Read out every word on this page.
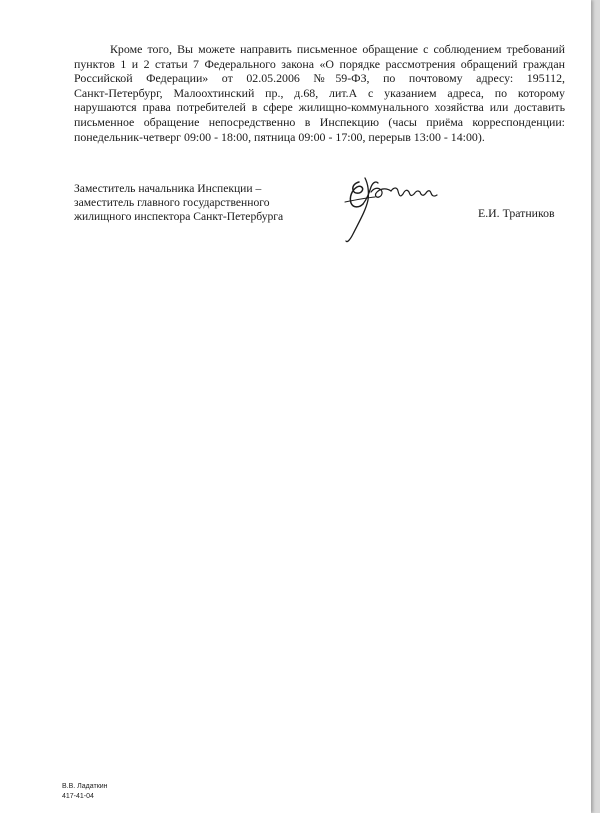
Кроме того, Вы можете направить письменное обращение с соблюдением требований
пунктов 1 и 2 статьи 7 Федерального закона «О порядке рассмотрения обращений граждан
Российской Федерации» от 02.05.2006 №59-ФЗ, по почтовому адресу: 195112,
Санкт-Петербург, Малоохтинский пр., д.68, лит.А с указанием адреса, по которому
нарушаются права потребителей в сфере жилищно-коммунального хозяйства или доставить
письменное обращение непосредственно в Инспекцию (часы приёма корреспонденции:
понедельник-четверг 09:00 - 18:00, пятница 09:00 - 17:00, перерыв 13:00 - 14:00).

Заместитель начальника Инспекции –
заместитель главного государственного
жилищного инспектора Санкт-Петербурга	Е.И. Тратников

В.В. Ладаткин
417-41-04
